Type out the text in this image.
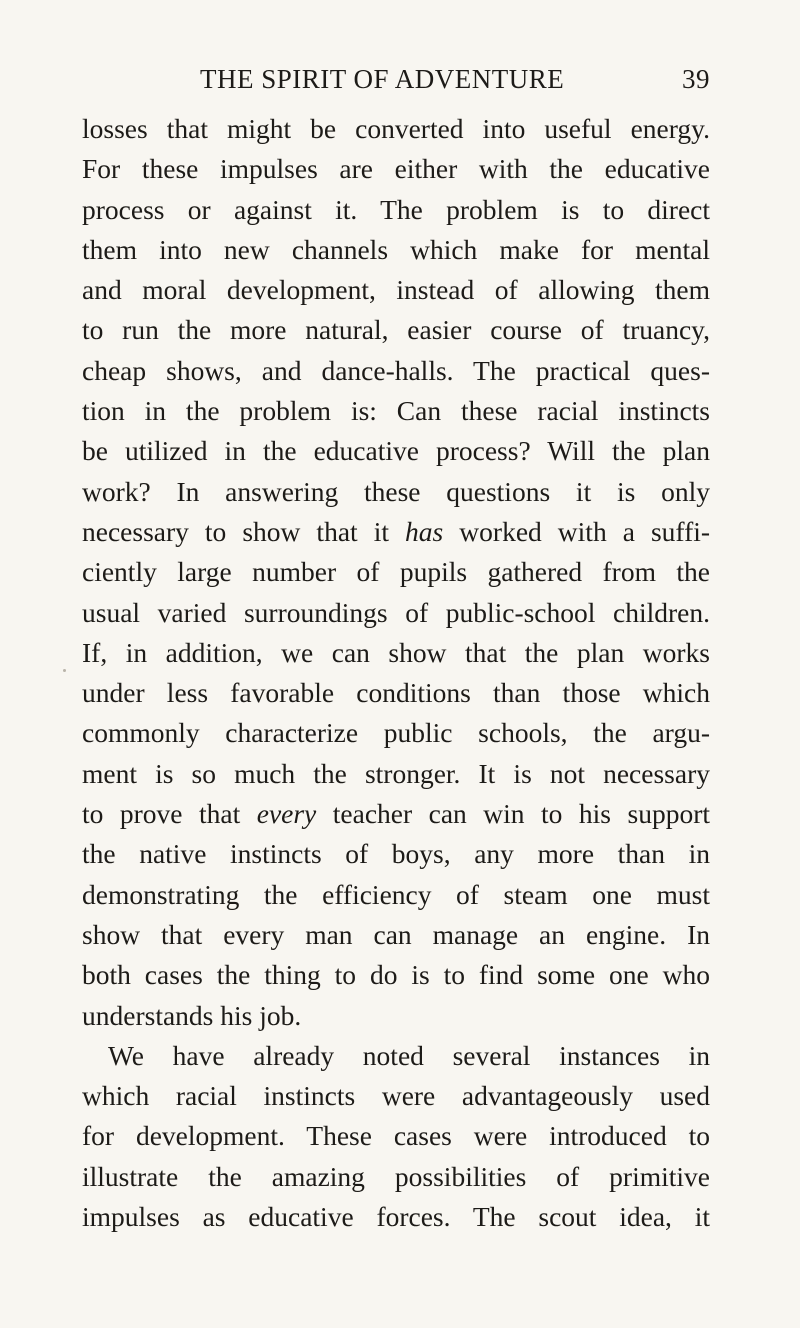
THE SPIRIT OF ADVENTURE	39
losses that might be converted into useful energy.
For these impulses are either with the educative
process or against it. The problem is to direct
them into new channels which make for mental
and moral development, instead of allowing them
to run the more natural, easier course of truancy,
cheap shows, and dance-halls. The practical ques-
tion in the problem is: Can these racial instincts
be utilized in the educative process? Will the plan
work? In answering these questions it is only
necessary to show that it has worked with a suffi-
ciently large number of pupils gathered from the
usual varied surroundings of public-school children.
If, in addition, we can show that the plan works
under less favorable conditions than those which
commonly characterize public schools, the argu-
ment is so much the stronger. It is not necessary
to prove that every teacher can win to his support
the native instincts of boys, any more than in
demonstrating the efficiency of steam one must
show that every man can manage an engine. In
both cases the thing to do is to find some one who
understands his job.
We have already noted several instances in
which racial instincts were advantageously used
for development. These cases were introduced to
illustrate the amazing possibilities of primitive
impulses as educative forces. The scout idea, it
